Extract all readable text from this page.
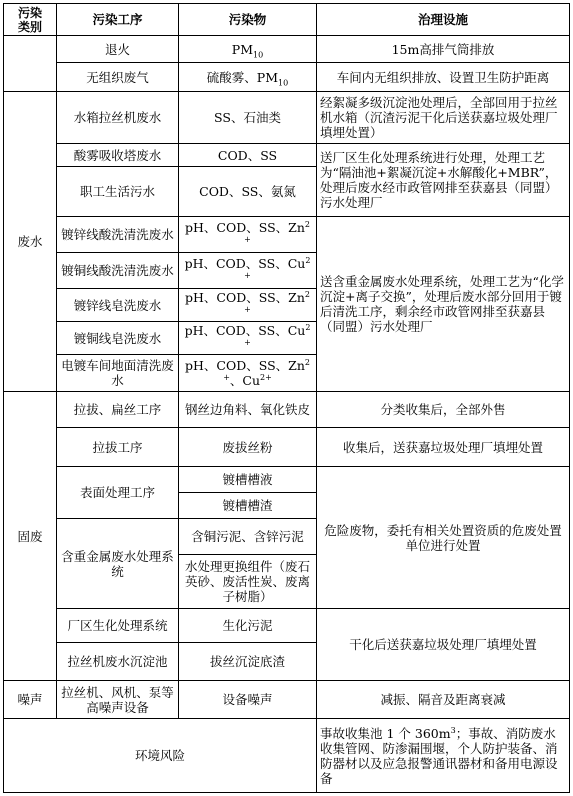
污染
类别	污染工序	污染物	治理设施
	退火	$PM_{10}$	15m高排气筒排放
	无组织废气	硫酸雾、$PM_{10}$	车间内无组织排放、设置卫生防护距离
废水	水箱拉丝机废水	SS、石油类	经絮凝多级沉淀池处理后，全部回用于拉丝机水箱（沉渣污泥干化后送获嘉垃圾处理厂填埋处置）
	酸雾吸收塔废水	COD、SS	送厂区生化处理系统进行处理，处理工艺为“隔油池+絮凝沉淀+水解酸化+MBR”，处理后废水经市政管网排至获嘉县（同盟）污水处理厂
	职工生活污水	COD、SS、氨氮	
	镀锌线酸洗清洗废水	pH、COD、SS、$Zn^{2+}$	送含重金属废水处理系统，处理工艺为“化学沉淀+离子交换”，处理后废水部分回用于镀后清洗工序，剩余经市政管网排至获嘉县（同盟）污水处理厂
	镀铜线酸洗清洗废水	pH、COD、SS、$Cu^{2+}$
	镀锌线皂洗废水	pH、COD、SS、$Zn^{2+}$
	镀铜线皂洗废水	pH、COD、SS、$Cu^{2+}$
	电镀车间地面清洗废水	pH、COD、SS、$Zn^{2+}$、$Cu^{2+}$
固废	拉拔、扁丝工序	钢丝边角料、氧化铁皮	分类收集后，全部外售
	拉拔工序	废拔丝粉	收集后，送获嘉垃圾处理厂填埋处置
	表面处理工序	镀槽槽液	危险废物，委托有相关处置资质的危废处置单位进行处置
		镀槽槽渣	
	含重金属废水处理系统	含铜污泥、含锌污泥	
		水处理更换组件（废石英砂、废活性炭、废离子树脂）	
	厂区生化处理系统	生化污泥	干化后送获嘉垃圾处理厂填埋处置
	拉丝机废水沉淀池	拔丝沉淀底渣	
噪声	拉丝机、风机、泵等高噪声设备	设备噪声	减振、隔音及距离衰减
环境风险			事故收集池 1 个 $360m^3$；事故、消防废水收集管网、防渗漏围堰，个人防护装备、消防器材以及应急报警通讯器材和备用电源设备
